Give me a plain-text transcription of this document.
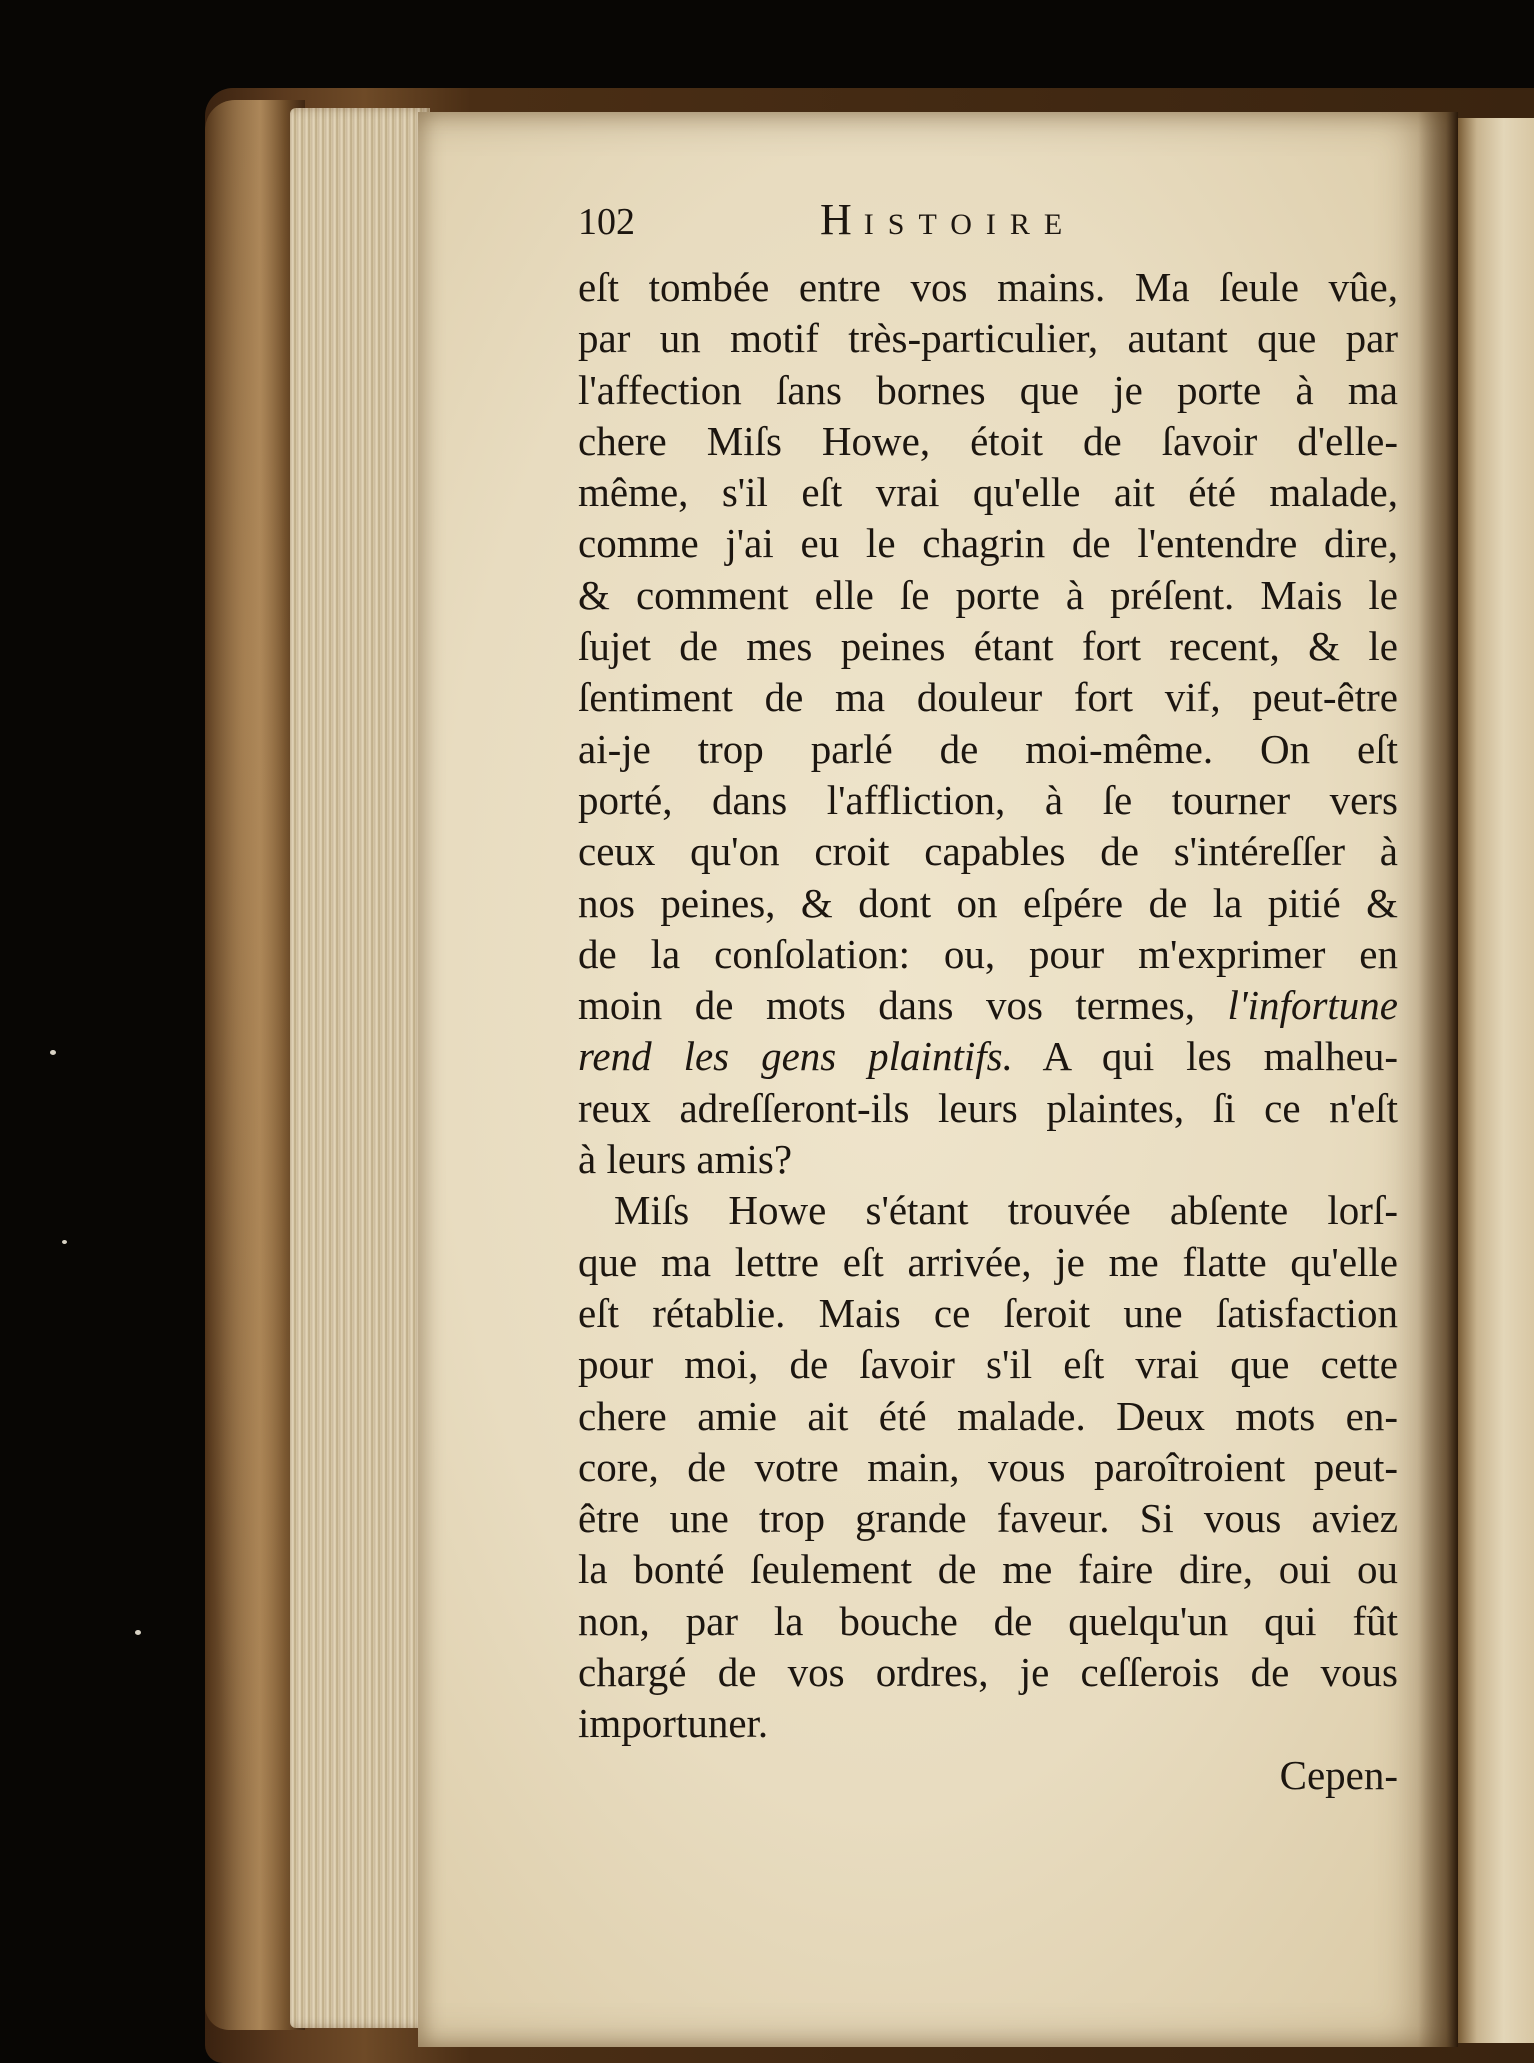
102	HISTOIRE
eſt tombée entre vos mains. Ma ſeule vûe,
par un motif très-particulier, autant que par
l'affection ſans bornes que je porte à ma
chere Miſs Howe, étoit de ſavoir d'elle-
même, s'il eſt vrai qu'elle ait été malade,
comme j'ai eu le chagrin de l'entendre dire,
& comment elle ſe porte à préſent. Mais le
ſujet de mes peines étant fort recent, & le
ſentiment de ma douleur fort vif, peut-être
ai-je trop parlé de moi-même. On eſt
porté, dans l'affliction, à ſe tourner vers
ceux qu'on croit capables de s'intéreſſer à
nos peines, & dont on eſpére de la pitié &
de la conſolation: ou, pour m'exprimer en
moin de mots dans vos termes, l'infortune
rend les gens plaintifs. A qui les malheu-
reux adreſſeront-ils leurs plaintes, ſi ce n'eſt
à leurs amis?
Miſs Howe s'étant trouvée abſente lorſ-
que ma lettre eſt arrivée, je me flatte qu'elle
eſt rétablie. Mais ce ſeroit une ſatisfaction
pour moi, de ſavoir s'il eſt vrai que cette
chere amie ait été malade. Deux mots en-
core, de votre main, vous paroîtroient peut-
être une trop grande faveur. Si vous aviez
la bonté ſeulement de me faire dire, oui ou
non, par la bouche de quelqu'un qui fût
chargé de vos ordres, je ceſſerois de vous
importuner.
Cepen-
